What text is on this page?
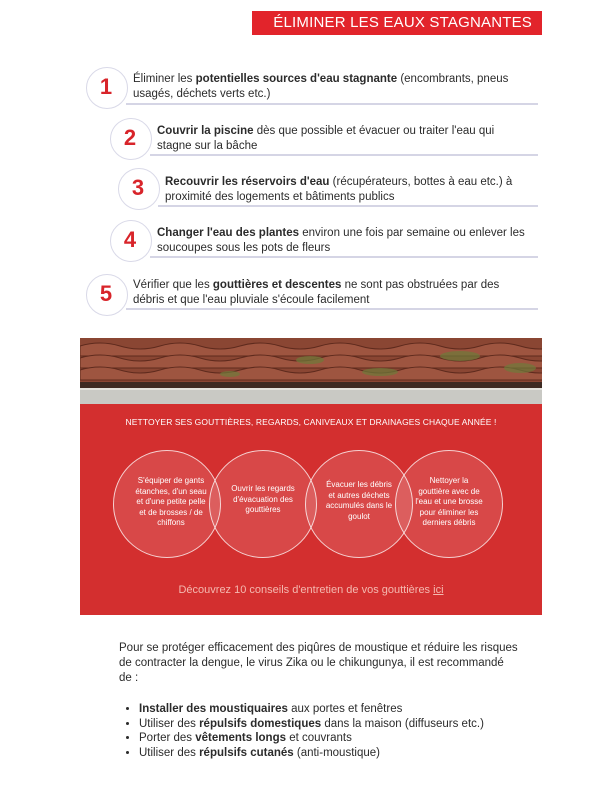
ÉLIMINER LES EAUX STAGNANTES
1	Éliminer les potentielles sources d'eau stagnante (encombrants, pneus usagés, déchets verts etc.)
2	Couvrir la piscine dès que possible et évacuer ou traiter l'eau qui stagne sur la bâche
3	Recouvrir les réservoirs d'eau (récupérateurs, bottes à eau etc.) à proximité des logements et bâtiments publics
4	Changer l'eau des plantes environ une fois par semaine ou enlever les soucoupes sous les pots de fleurs
5	Vérifier que les gouttières et descentes ne sont pas obstruées par des débris et que l'eau pluviale s'écoule facilement
NETTOYER SES GOUTTIÈRES, REGARDS, CANIVEAUX ET DRAINAGES CHAQUE ANNÉE !
S'équiper de gants étanches, d'un seau et d'une petite pelle et de brosses / de chiffons
Ouvrir les regards d'évacuation des gouttières
Évacuer les débris et autres déchets accumulés dans le goulot
Nettoyer la gouttière avec de l'eau et une brosse pour éliminer les derniers débris
Découvrez 10 conseils d'entretien de vos gouttières ici
Pour se protéger efficacement des piqûres de moustique et réduire les risques de contracter la dengue, le virus Zika ou le chikungunya, il est recommandé de :
• Installer des moustiquaires aux portes et fenêtres
• Utiliser des répulsifs domestiques dans la maison (diffuseurs etc.)
• Porter des vêtements longs et couvrants
• Utiliser des répulsifs cutanés (anti-moustique)
